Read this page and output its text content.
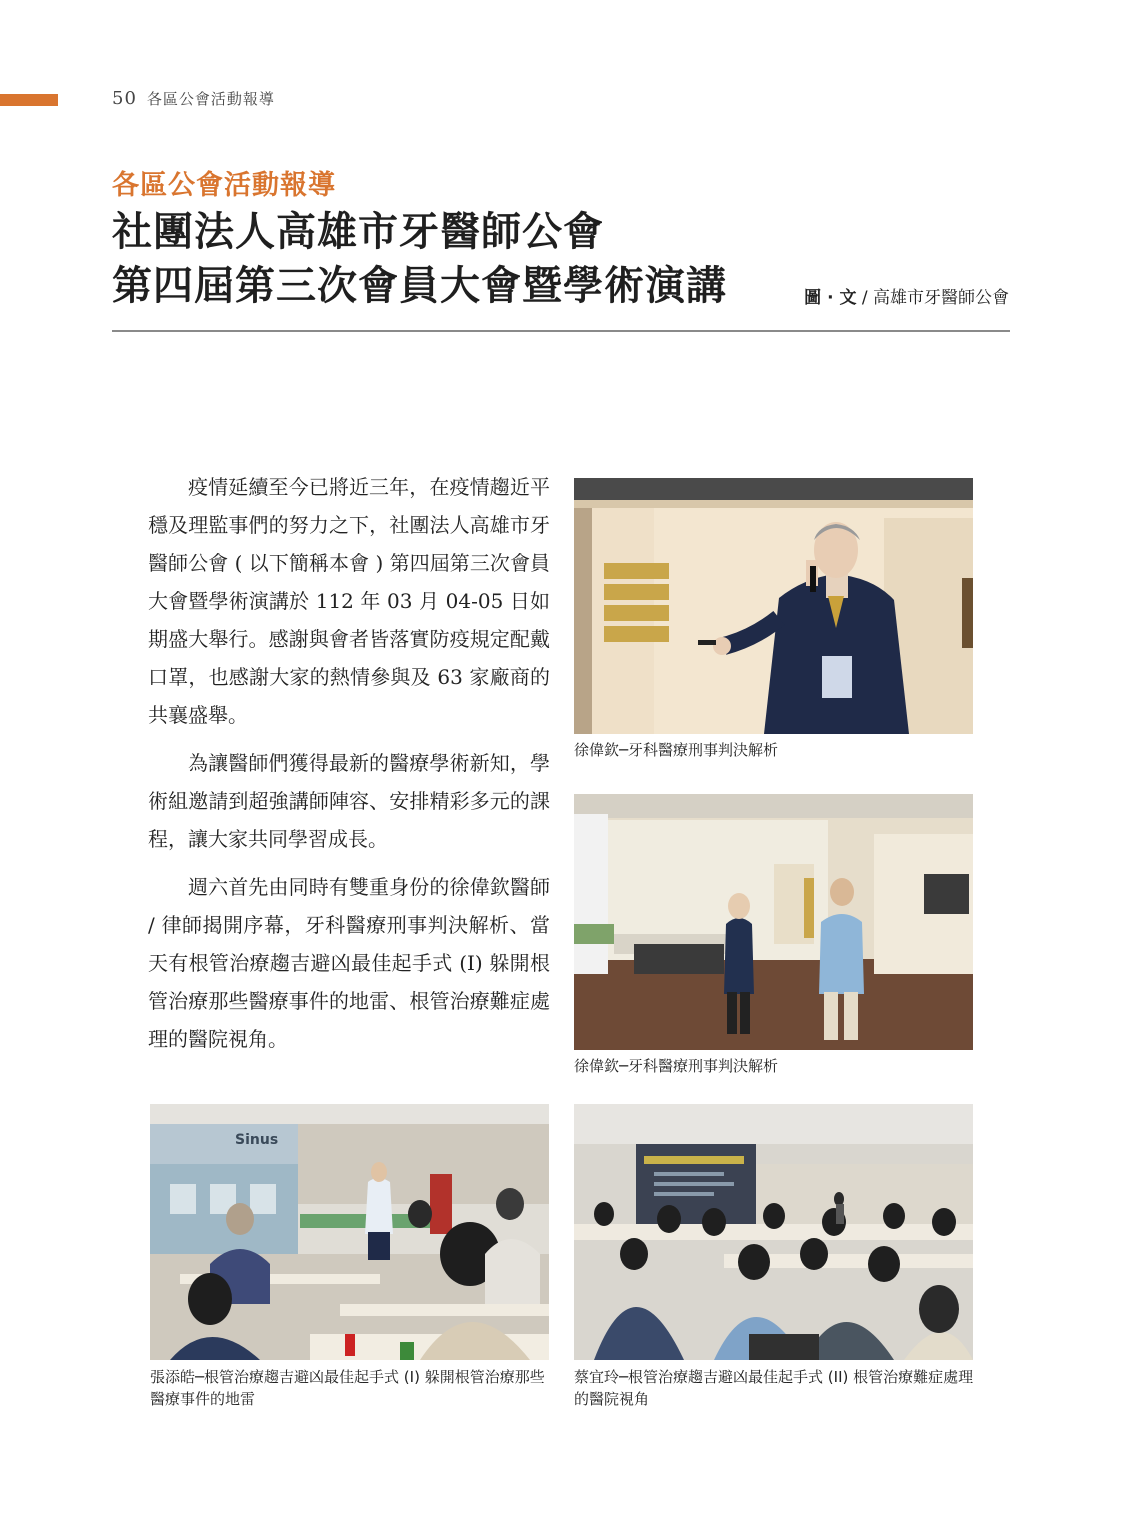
50 各區公會活動報導
各區公會活動報導
社團法人高雄市牙醫師公會
第四屆第三次會員大會暨學術演講	圖 · 文 / 高雄市牙醫師公會

疫情延續至今已將近三年，在疫情趨近平穩及理監事們的努力之下，社團法人高雄市牙醫師公會 ( 以下簡稱本會 ) 第四屆第三次會員大會暨學術演講於 112 年 03 月 04-05 日如期盛大舉行。感謝與會者皆落實防疫規定配戴口罩，也感謝大家的熱情參與及 63 家廠商的共襄盛舉。

為讓醫師們獲得最新的醫療學術新知，學術組邀請到超強講師陣容、安排精彩多元的課程，讓大家共同學習成長。

週六首先由同時有雙重身份的徐偉欽醫師 / 律師揭開序幕，牙科醫療刑事判決解析、當天有根管治療趨吉避凶最佳起手式 (I) 躲開根管治療那些醫療事件的地雷、根管治療難症處理的醫院視角。

徐偉欽─牙科醫療刑事判決解析
徐偉欽─牙科醫療刑事判決解析
Sinus
張添皓─根管治療趨吉避凶最佳起手式 (I) 躲開根管治療那些醫療事件的地雷
蔡宜玲─根管治療趨吉避凶最佳起手式 (II) 根管治療難症處理的醫院視角
